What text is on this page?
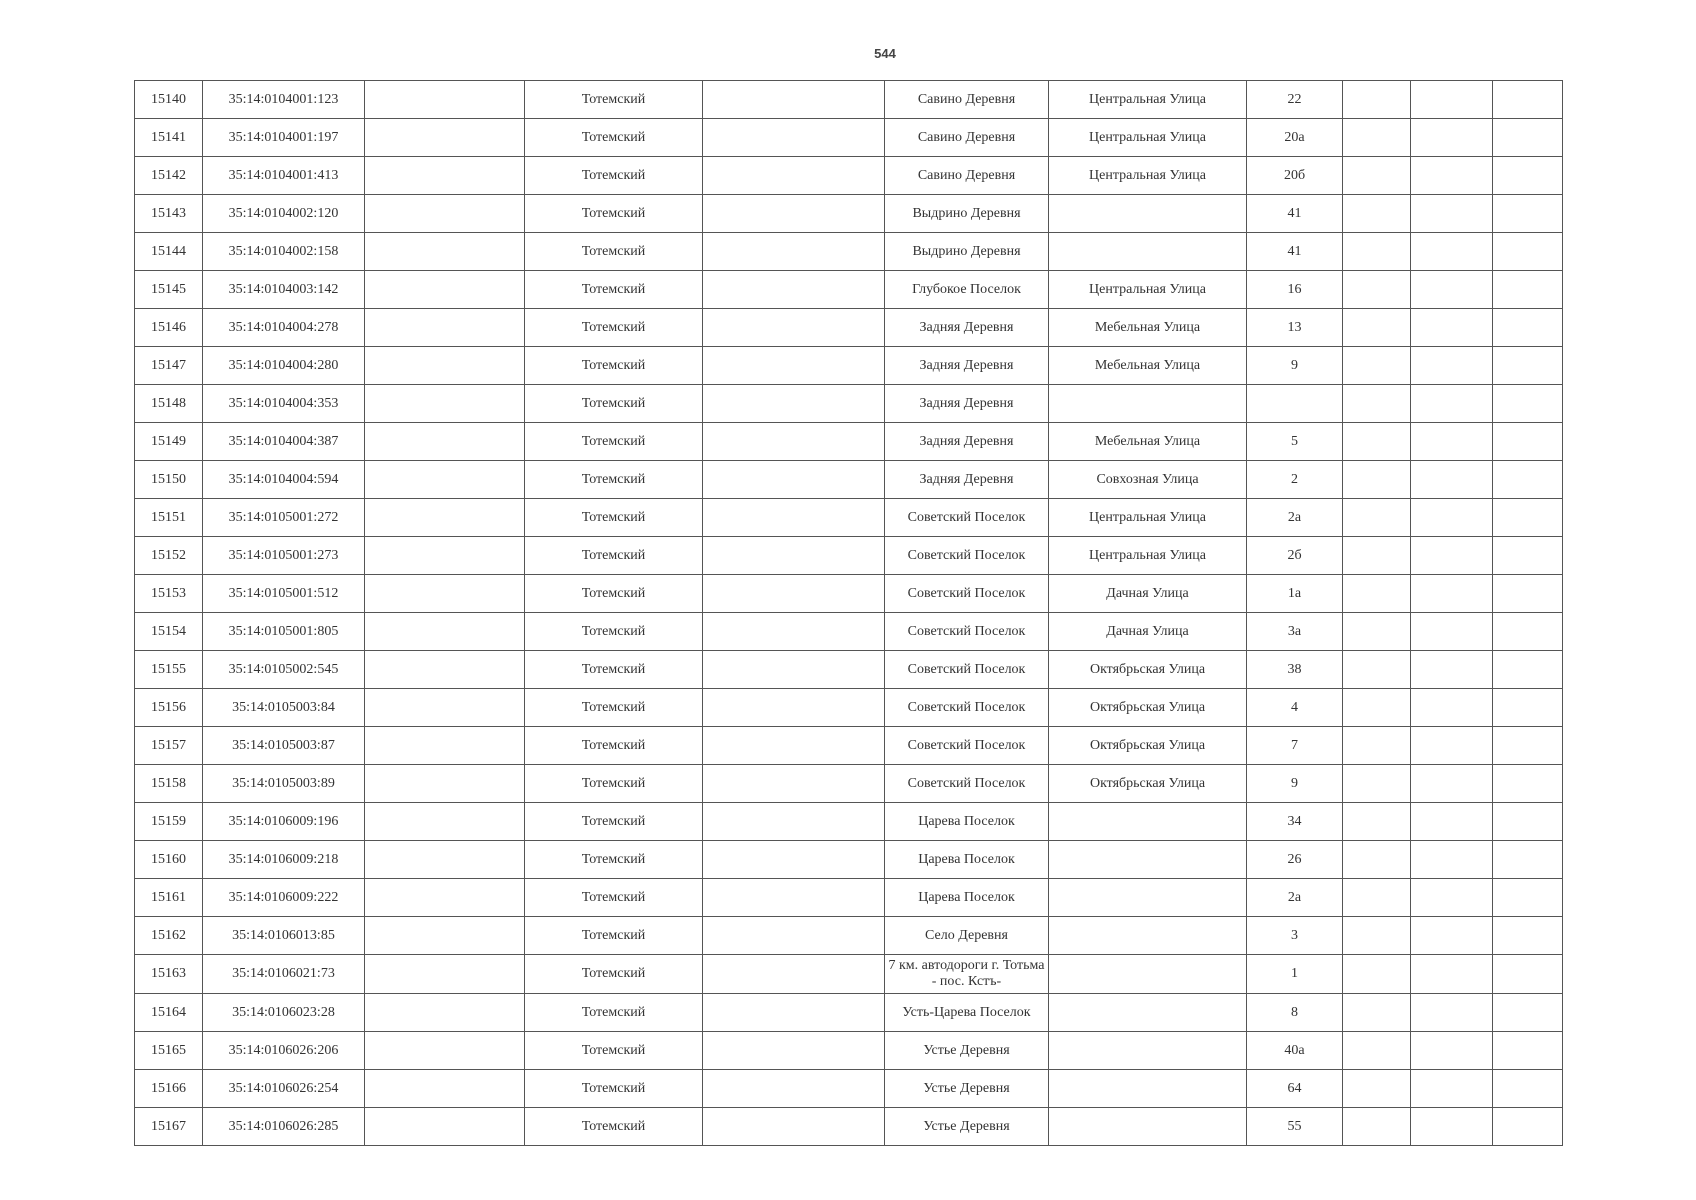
544
15140	35:14:0104001:123		Тотемский		Савино Деревня	Центральная Улица	22			
15141	35:14:0104001:197		Тотемский		Савино Деревня	Центральная Улица	20а			
15142	35:14:0104001:413		Тотемский		Савино Деревня	Центральная Улица	20б			
15143	35:14:0104002:120		Тотемский		Выдрино Деревня		41			
15144	35:14:0104002:158		Тотемский		Выдрино Деревня		41			
15145	35:14:0104003:142		Тотемский		Глубокое Поселок	Центральная Улица	16			
15146	35:14:0104004:278		Тотемский		Задняя Деревня	Мебельная Улица	13			
15147	35:14:0104004:280		Тотемский		Задняя Деревня	Мебельная Улица	9			
15148	35:14:0104004:353		Тотемский		Задняя Деревня					
15149	35:14:0104004:387		Тотемский		Задняя Деревня	Мебельная Улица	5			
15150	35:14:0104004:594		Тотемский		Задняя Деревня	Совхозная Улица	2			
15151	35:14:0105001:272		Тотемский		Советский Поселок	Центральная Улица	2а			
15152	35:14:0105001:273		Тотемский		Советский Поселок	Центральная Улица	2б			
15153	35:14:0105001:512		Тотемский		Советский Поселок	Дачная Улица	1а			
15154	35:14:0105001:805		Тотемский		Советский Поселок	Дачная Улица	3а			
15155	35:14:0105002:545		Тотемский		Советский Поселок	Октябрьская Улица	38			
15156	35:14:0105003:84		Тотемский		Советский Поселок	Октябрьская Улица	4			
15157	35:14:0105003:87		Тотемский		Советский Поселок	Октябрьская Улица	7			
15158	35:14:0105003:89		Тотемский		Советский Поселок	Октябрьская Улица	9			
15159	35:14:0106009:196		Тотемский		Царева Поселок		34			
15160	35:14:0106009:218		Тотемский		Царева Поселок		26			
15161	35:14:0106009:222		Тотемский		Царева Поселок		2а			
15162	35:14:0106013:85		Тотемский		Село Деревня		3			
15163	35:14:0106021:73		Тотемский		7 км. автодороги г. Тотьма - пос. Кстъ-		1			
15164	35:14:0106023:28		Тотемский		Усть-Царева Поселок		8			
15165	35:14:0106026:206		Тотемский		Устье Деревня		40а			
15166	35:14:0106026:254		Тотемский		Устье Деревня		64			
15167	35:14:0106026:285		Тотемский		Устье Деревня		55			
